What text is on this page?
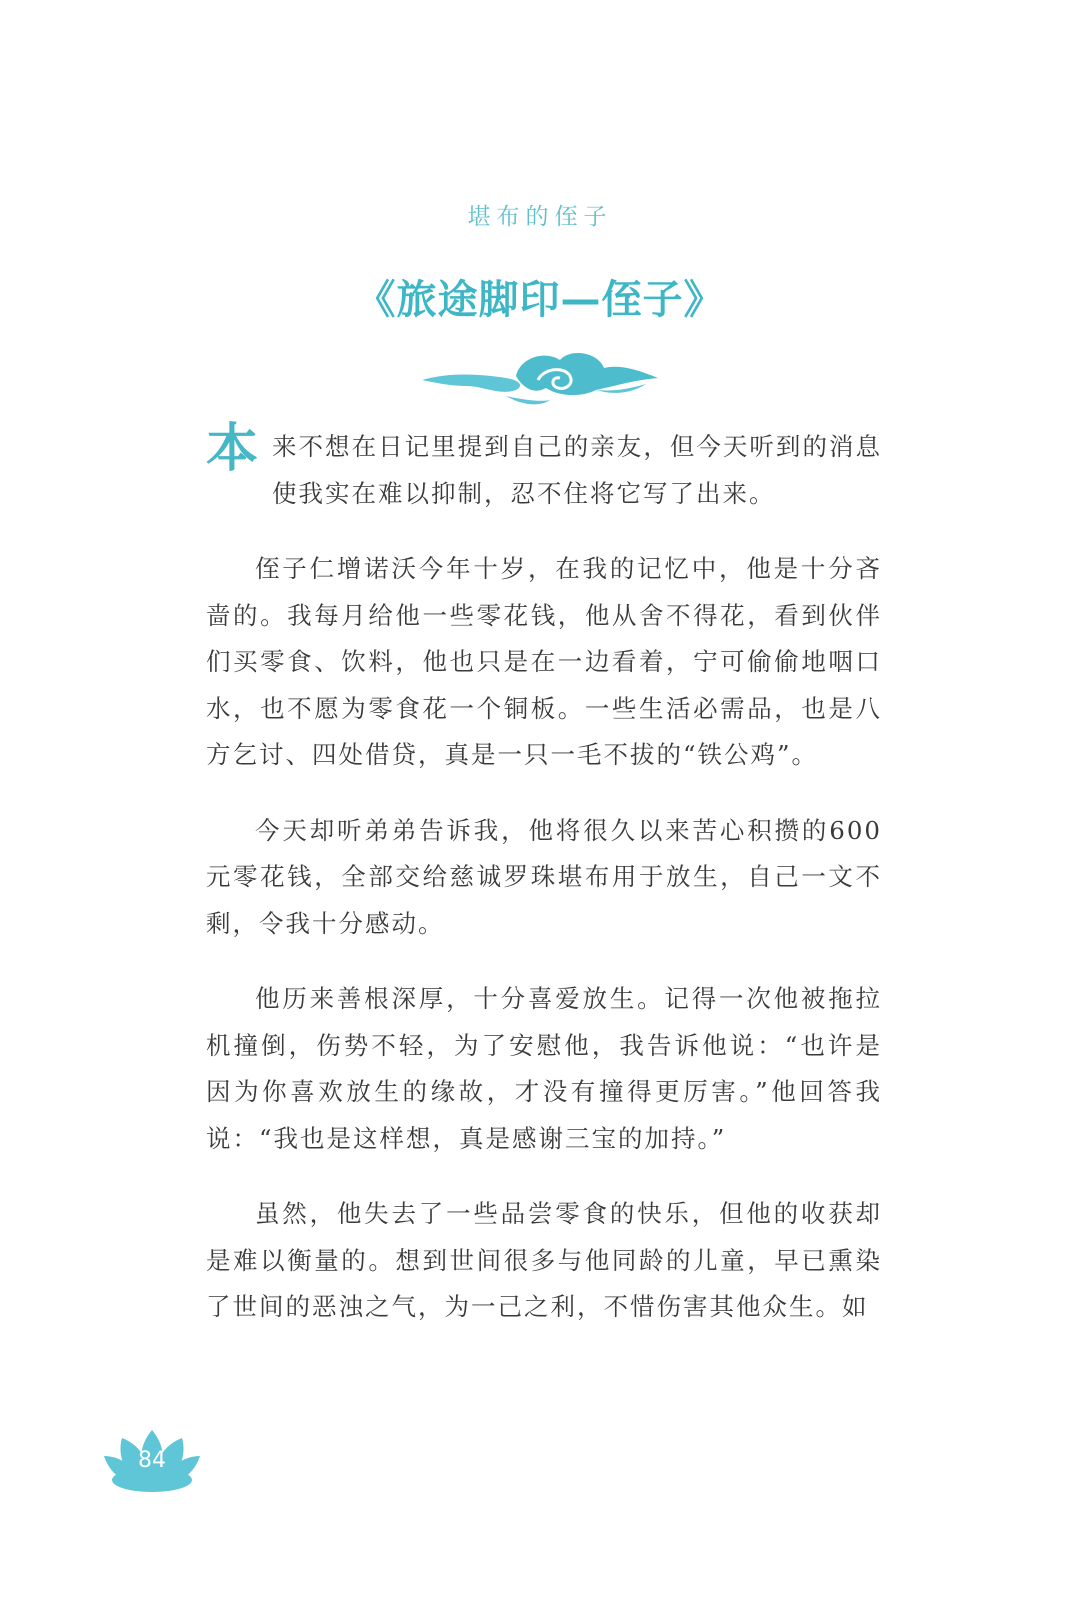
堪布的侄子
《旅途脚印—侄子》

本来不想在日记里提到自己的亲友，但今天听到的消息使我实在难以抑制，忍不住将它写了出来。

侄子仁增诺沃今年十岁，在我的记忆中，他是十分吝啬的。我每月给他一些零花钱，他从舍不得花，看到伙伴们买零食、饮料，他也只是在一边看着，宁可偷偷地咽口水，也不愿为零食花一个铜板。一些生活必需品，也是八方乞讨、四处借贷，真是一只一毛不拔的“铁公鸡”。

今天却听弟弟告诉我，他将很久以来苦心积攒的600元零花钱，全部交给慈诚罗珠堪布用于放生，自己一文不剩，令我十分感动。

他历来善根深厚，十分喜爱放生。记得一次他被拖拉机撞倒，伤势不轻，为了安慰他，我告诉他说：“也许是因为你喜欢放生的缘故，才没有撞得更厉害。”他回答我说：“我也是这样想，真是感谢三宝的加持。”

虽然，他失去了一些品尝零食的快乐，但他的收获却是难以衡量的。想到世间很多与他同龄的儿童，早已熏染了世间的恶浊之气，为一己之利，不惜伤害其他众生。如

84
